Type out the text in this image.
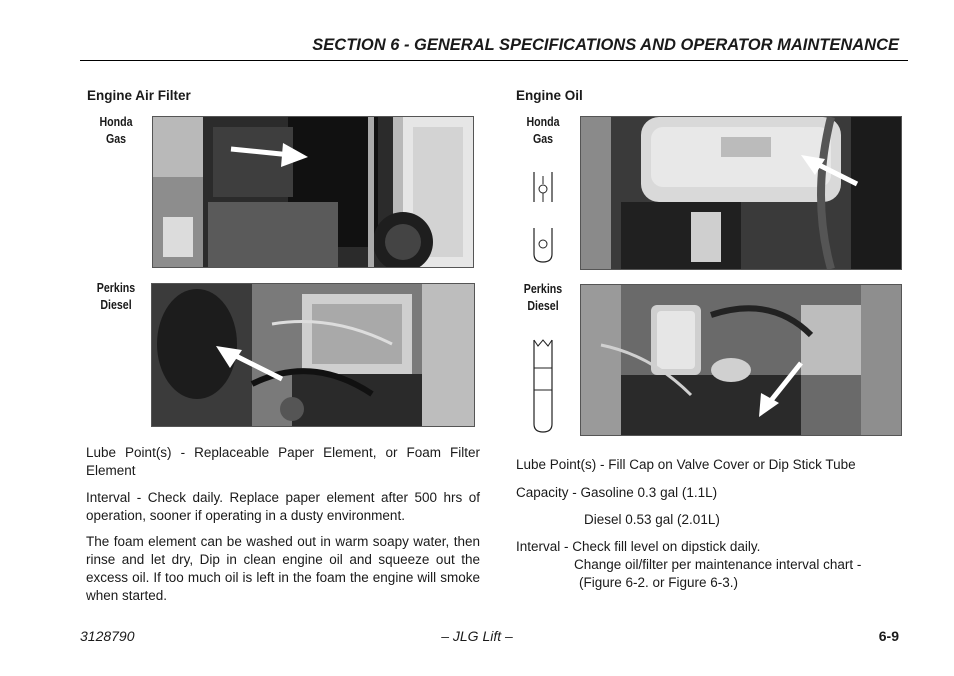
SECTION 6 - GENERAL SPECIFICATIONS AND OPERATOR MAINTENANCE
Engine Air Filter
Honda
Gas
Perkins
Diesel
Lube Point(s) - Replaceable Paper Element, or Foam Filter Element
Interval - Check daily. Replace paper element after 500 hrs of operation, sooner if operating in a dusty environment.
The foam element can be washed out in warm soapy water, then rinse and let dry, Dip in clean engine oil and squeeze out the excess oil. If too much oil is left in the foam the engine will smoke when started.
Engine Oil
Honda
Gas
Perkins
Diesel
Lube Point(s) - Fill Cap on Valve Cover or Dip Stick Tube
Capacity - Gasoline 0.3 gal (1.1L)
Diesel 0.53 gal (2.01L)
Interval - Check fill level on dipstick daily.
Change oil/filter per maintenance interval chart -
(Figure 6-2. or Figure 6-3.)
3128790	– JLG Lift –	6-9
